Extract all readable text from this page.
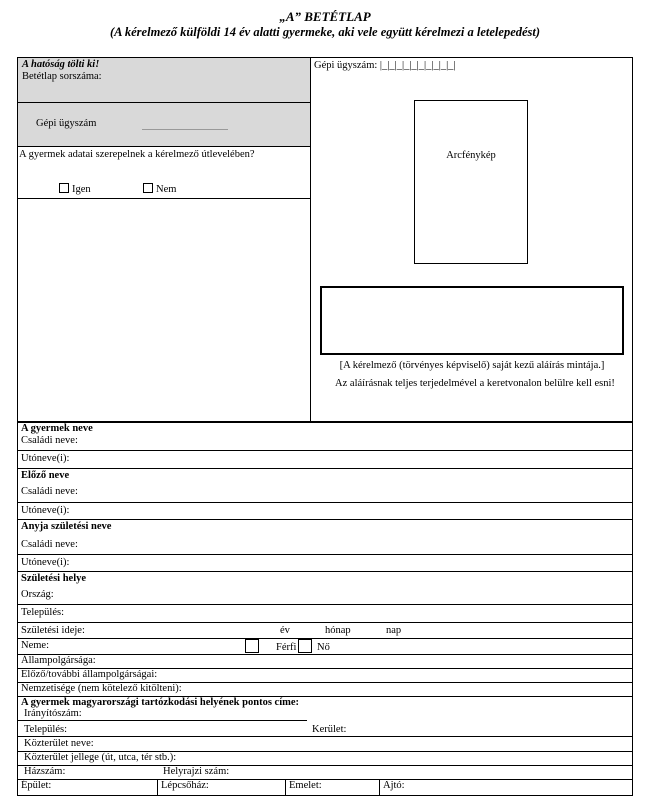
„A” BETÉTLAP
(A kérelmező külföldi 14 év alatti gyermeke, aki vele együtt kérelmezi a letelepedést)
A hatóság tölti ki!
Betétlap sorszáma:
Gépi ügyszám
A gyermek adatai szerepelnek a kérelmező útlevelében?
Igen	Nem
Gépi ügyszám: |_|_|_|_|_|_|_|_|_|_|
Arcfénykép
[A kérelmező (törvényes képviselő) saját kezű aláírás mintája.]
Az aláírásnak teljes terjedelmével a keretvonalon belülre kell esni!
A gyermek neve
Családi neve:
Utóneve(i):
Előző neve
Családi neve:
Utóneve(i):
Anyja születési neve
Családi neve:
Utóneve(i):
Születési helye
Ország:
Település:
Születési ideje:	év	hónap	nap
Neme:	Férfi Nő
Állampolgársága:
Előző/további állampolgárságai:
Nemzetisége (nem kötelező kitölteni):
A gyermek magyarországi tartózkodási helyének pontos címe:
Irányítószám:
Település:	Kerület:
Közterület neve:
Közterület jellege (út, utca, tér stb.):
Házszám:	Helyrajzi szám:
Épület:	Lépcsőház:	Emelet:	Ajtó:
